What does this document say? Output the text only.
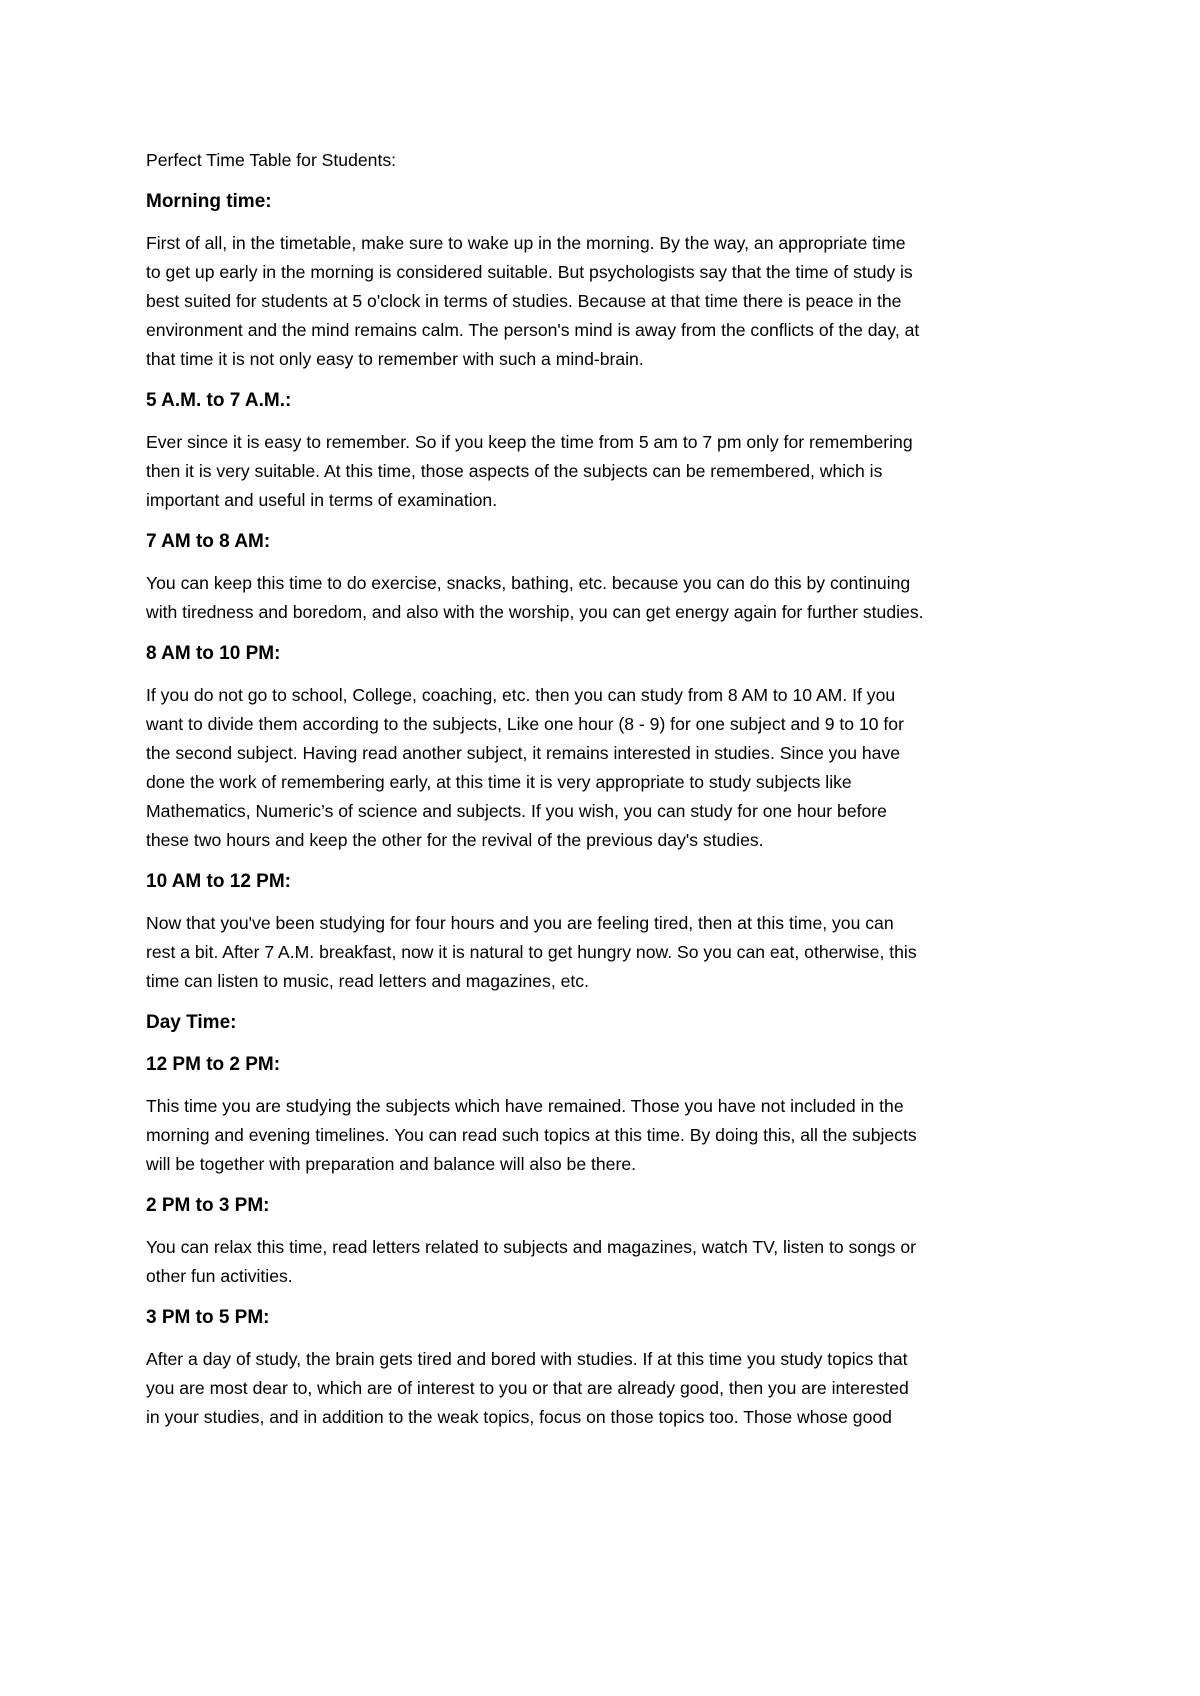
Perfect Time Table for Students:

Morning time:

First of all, in the timetable, make sure to wake up in the morning. By the way, an appropriate time
to get up early in the morning is considered suitable. But psychologists say that the time of study is
best suited for students at 5 o'clock in terms of studies. Because at that time there is peace in the
environment and the mind remains calm. The person's mind is away from the conflicts of the day, at
that time it is not only easy to remember with such a mind-brain.

5 A.M. to 7 A.M.:

Ever since it is easy to remember. So if you keep the time from 5 am to 7 pm only for remembering
then it is very suitable. At this time, those aspects of the subjects can be remembered, which is
important and useful in terms of examination.

7 AM to 8 AM:

You can keep this time to do exercise, snacks, bathing, etc. because you can do this by continuing
with tiredness and boredom, and also with the worship, you can get energy again for further studies.

8 AM to 10 PM:

If you do not go to school, College, coaching, etc. then you can study from 8 AM to 10 AM. If you
want to divide them according to the subjects, Like one hour (8 - 9) for one subject and 9 to 10 for
the second subject. Having read another subject, it remains interested in studies. Since you have
done the work of remembering early, at this time it is very appropriate to study subjects like
Mathematics, Numeric’s of science and subjects. If you wish, you can study for one hour before
these two hours and keep the other for the revival of the previous day's studies.

10 AM to 12 PM:

Now that you've been studying for four hours and you are feeling tired, then at this time, you can
rest a bit. After 7 A.M. breakfast, now it is natural to get hungry now. So you can eat, otherwise, this
time can listen to music, read letters and magazines, etc.

Day Time:

12 PM to 2 PM:

This time you are studying the subjects which have remained. Those you have not included in the
morning and evening timelines. You can read such topics at this time. By doing this, all the subjects
will be together with preparation and balance will also be there.

2 PM to 3 PM:

You can relax this time, read letters related to subjects and magazines, watch TV, listen to songs or
other fun activities.

3 PM to 5 PM:

After a day of study, the brain gets tired and bored with studies. If at this time you study topics that
you are most dear to, which are of interest to you or that are already good, then you are interested
in your studies, and in addition to the weak topics, focus on those topics too. Those whose good
